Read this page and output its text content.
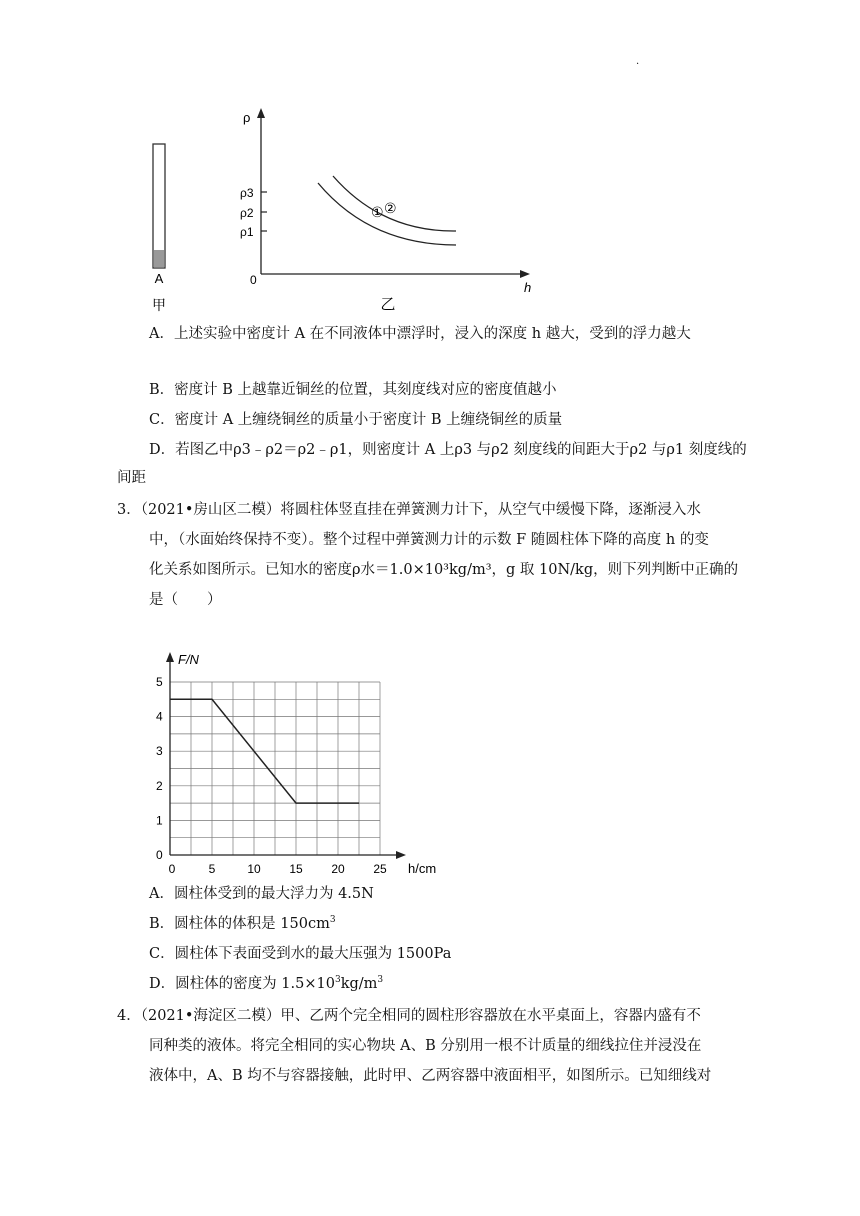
.
A
甲
ρ
h
0
ρ3
ρ2
ρ1
②
①
乙
A．上述实验中密度计 A 在不同液体中漂浮时，浸入的深度 h 越大，受到的浮力越大
B．密度计 B 上越靠近铜丝的位置，其刻度线对应的密度值越小
C．密度计 A 上缠绕铜丝的质量小于密度计 B 上缠绕铜丝的质量
D．若图乙中ρ3﹣ρ2＝ρ2﹣ρ1，则密度计 A 上ρ3 与ρ2 刻度线的间距大于ρ2 与ρ1 刻度线的
间距
3．（2021•房山区二模）将圆柱体竖直挂在弹簧测力计下，从空气中缓慢下降，逐渐浸入水
中，（水面始终保持不变）。整个过程中弹簧测力计的示数 F 随圆柱体下降的高度 h 的变
化关系如图所示。已知水的密度ρ水＝1.0×10³kg/m³，g 取 10N/kg，则下列判断中正确的
是（　　）
0
1
2
3
4
5
5	10 15 20 25
0
F/N
h/cm
A．圆柱体受到的最大浮力为 4.5N
B．圆柱体的体积是 $150cm^3$
C．圆柱体下表面受到水的最大压强为 1500Pa
D．圆柱体的密度为 $1.5\times 10^3kg/m^3$
4．（2021•海淀区二模）甲、乙两个完全相同的圆柱形容器放在水平桌面上，容器内盛有不
同种类的液体。将完全相同的实心物块 A、B 分别用一根不计质量的细线拉住并浸没在
液体中，A、B 均不与容器接触，此时甲、乙两容器中液面相平，如图所示。已知细线对
